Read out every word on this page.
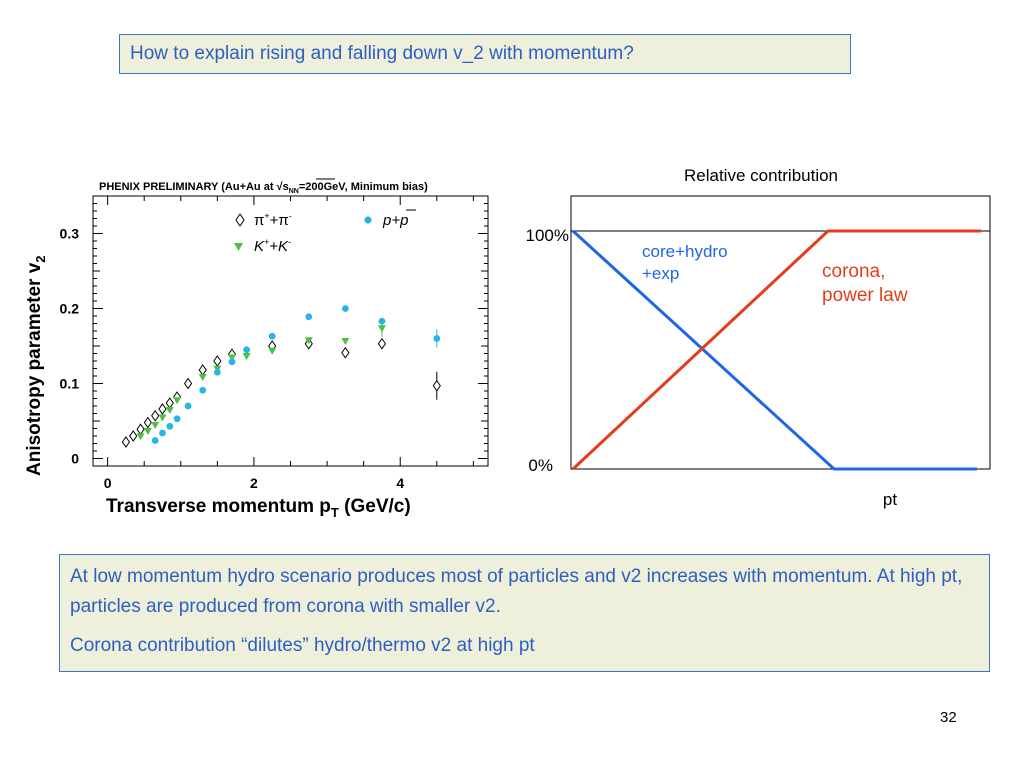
How to explain rising and falling down v_2 with momentum?
PHENIX PRELIMINARY (Au+Au at $√s_{NN}=200GeV$, Minimum bias)
0
0.1
0.2
0.3
0	2	4
Anisotropy parameter $v_2$
Transverse momentum $p_T$ (GeV/c)
π++π-
K++K-
p+p
Relative contribution
100%
0%
pt
core+hydro +exp	corona, power law

At low momentum hydro scenario produces most of particles and v2 increases with momentum. At high pt, particles are produced from corona with smaller v2.

Corona contribution “dilutes” hydro/thermo v2 at high pt

32
